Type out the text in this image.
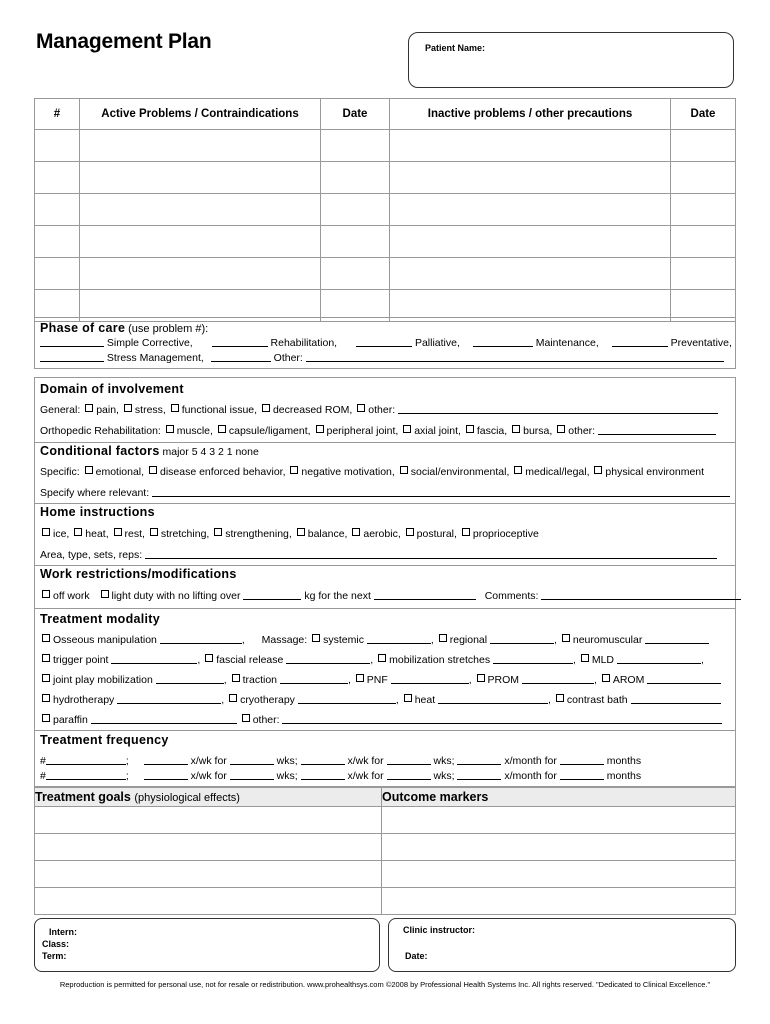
Management Plan	Patient Name:
#	Active Problems / Contraindications	Date	Inactive problems / other precautions	Date

Phase of care (use problem #):
Simple Corrective,	Rehabilitation,	Palliative,	Maintenance,	Preventative,
Stress Management,	Other:
Domain of involvement
General: pain, stress, functional issue, decreased ROM, other:
Orthopedic Rehabilitation: muscle, capsule/ligament, peripheral joint, axial joint, fascia, bursa, other:
Conditional factors major 5 4 3 2 1 none
Specific: emotional, disease enforced behavior, negative motivation, social/environmental, medical/legal, physical environment
Specify where relevant:
Home instructions
ice, heat, rest, stretching, strengthening, balance, aerobic, postural, proprioceptive
Area, type, sets, reps:
Work restrictions/modifications
off work light duty with no lifting over	kg for the next	Comments:
Treatment modality
Osseous manipulation	, Massage: systemic	, regional	, neuromuscular
trigger point	, fascial release	, mobilization stretches	, MLD	,
joint play mobilization	, traction	, PNF	, PROM	, AROM
hydrotherapy	, cryotherapy	, heat	, contrast bath
paraffin	other:
Treatment frequency
#	;	x/wk for	wks;	x/wk for	wks;	x/month for	months
#	;	x/wk for	wks;	x/wk for	wks;	x/month for	months
Treatment goals (physiological effects)	Outcome markers

Intern:
Class:
Term:
Clinic instructor:
Date:
Reproduction is permitted for personal use, not for resale or redistribution. www.prohealthsys.com ©2008 by Professional Health Systems Inc. All rights reserved. "Dedicated to Clinical Excellence."
